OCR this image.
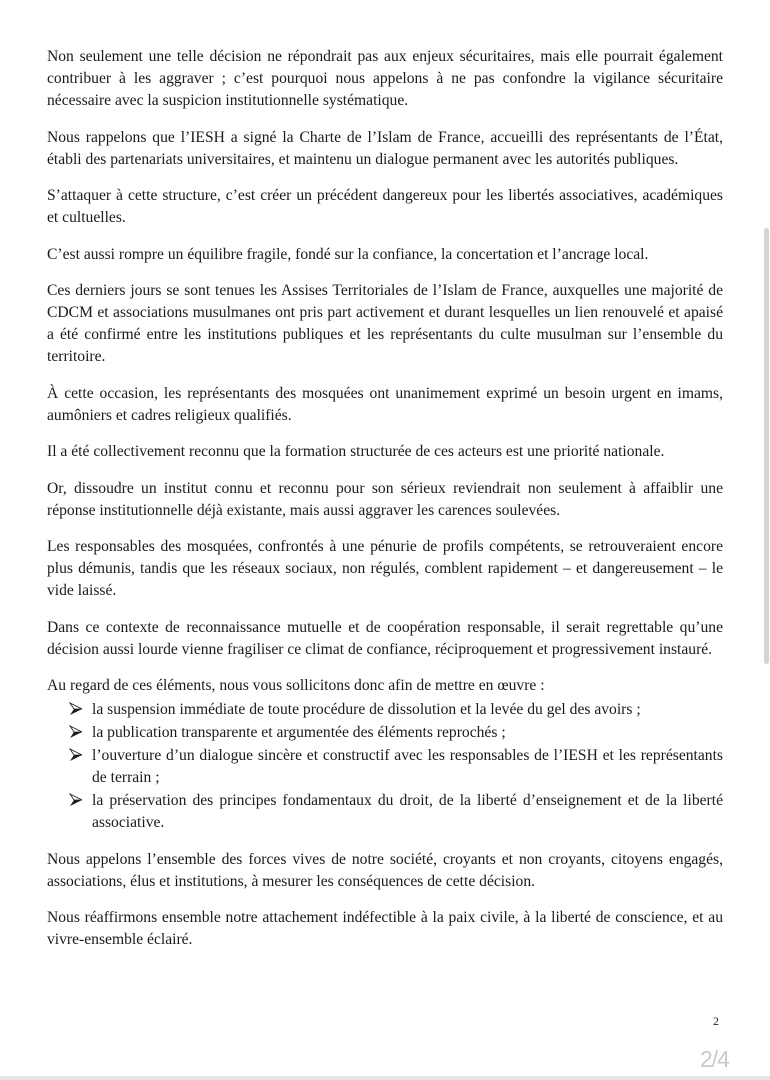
Non seulement une telle décision ne répondrait pas aux enjeux sécuritaires, mais elle pourrait également contribuer à les aggraver ; c’est pourquoi nous appelons à ne pas confondre la vigilance sécuritaire nécessaire avec la suspicion institutionnelle systématique.

Nous rappelons que l’IESH a signé la Charte de l’Islam de France, accueilli des représentants de l’État, établi des partenariats universitaires, et maintenu un dialogue permanent avec les autorités publiques.

S’attaquer à cette structure, c’est créer un précédent dangereux pour les libertés associatives, académiques et cultuelles.

C’est aussi rompre un équilibre fragile, fondé sur la confiance, la concertation et l’ancrage local.

Ces derniers jours se sont tenues les Assises Territoriales de l’Islam de France, auxquelles une majorité de CDCM et associations musulmanes ont pris part activement et durant lesquelles un lien renouvelé et apaisé a été confirmé entre les institutions publiques et les représentants du culte musulman sur l’ensemble du territoire.

À cette occasion, les représentants des mosquées ont unanimement exprimé un besoin urgent en imams, aumôniers et cadres religieux qualifiés.

Il a été collectivement reconnu que la formation structurée de ces acteurs est une priorité nationale.

Or, dissoudre un institut connu et reconnu pour son sérieux reviendrait non seulement à affaiblir une réponse institutionnelle déjà existante, mais aussi aggraver les carences soulevées.

Les responsables des mosquées, confrontés à une pénurie de profils compétents, se retrouveraient encore plus démunis, tandis que les réseaux sociaux, non régulés, comblent rapidement – et dangereusement – le vide laissé.

Dans ce contexte de reconnaissance mutuelle et de coopération responsable, il serait regrettable qu’une décision aussi lourde vienne fragiliser ce climat de confiance, réciproquement et progressivement instauré.

Au regard de ces éléments, nous vous sollicitons donc afin de mettre en œuvre :

la suspension immédiate de toute procédure de dissolution et la levée du gel des avoirs ;
la publication transparente et argumentée des éléments reprochés ;
l’ouverture d’un dialogue sincère et constructif avec les responsables de l’IESH et les représentants de terrain ;
la préservation des principes fondamentaux du droit, de la liberté d’enseignement et de la liberté associative.

Nous appelons l’ensemble des forces vives de notre société, croyants et non croyants, citoyens engagés, associations, élus et institutions, à mesurer les conséquences de cette décision.

Nous réaffirmons ensemble notre attachement indéfectible à la paix civile, à la liberté de conscience, et au vivre-ensemble éclairé.

2
2/4
